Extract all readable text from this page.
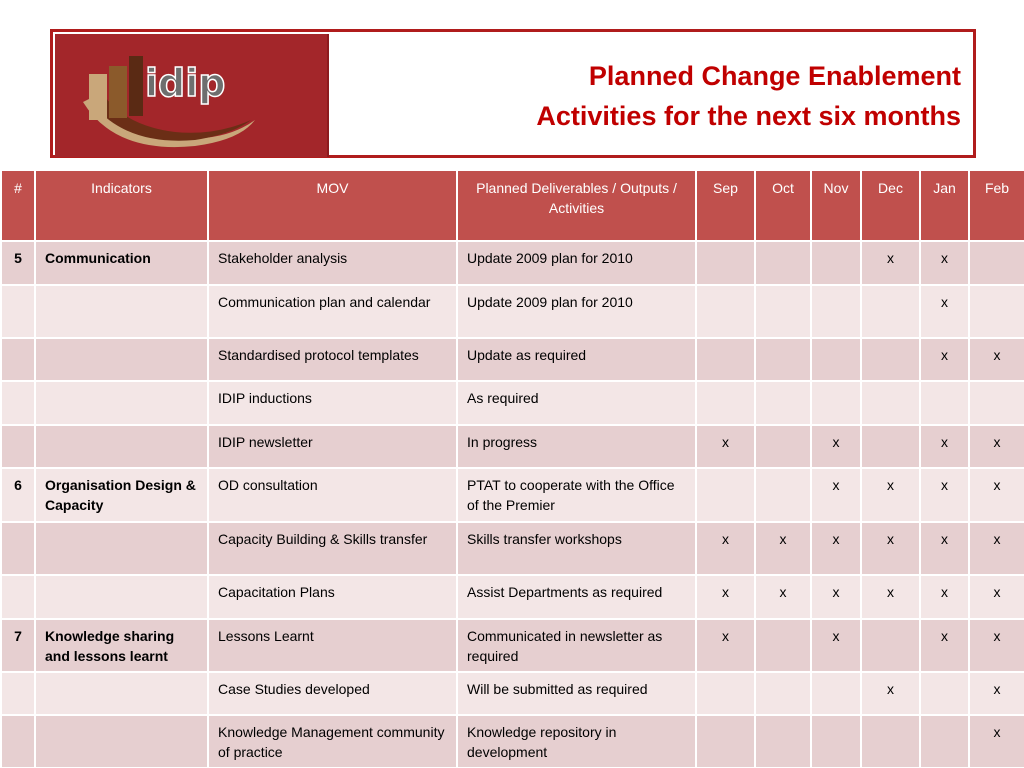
idip	Planned Change Enablement
Activities for the next six months
#	Indicators	MOV	Planned Deliverables / Outputs / Activities	Sep	Oct	Nov	Dec	Jan	Feb
5	Communication	Stakeholder analysis	Update 2009 plan for 2010				x	x	
		Communication plan and calendar	Update 2009 plan for 2010					x	
		Standardised protocol templates	Update as required					x	x
		IDIP inductions	As required						
		IDIP newsletter	In progress	x		x		x	x
6	Organisation Design & Capacity	OD consultation	PTAT to cooperate with the Office of the Premier			x	x	x	x
		Capacity Building & Skills transfer	Skills transfer workshops	x	x	x	x	x	x
		Capacitation Plans	Assist Departments as required	x	x	x	x	x	x
7	Knowledge sharing and lessons learnt	Lessons Learnt	Communicated in newsletter as required	x		x		x	x
		Case Studies developed	Will be submitted as required				x		x
		Knowledge Management community of practice	Knowledge repository in development						x
